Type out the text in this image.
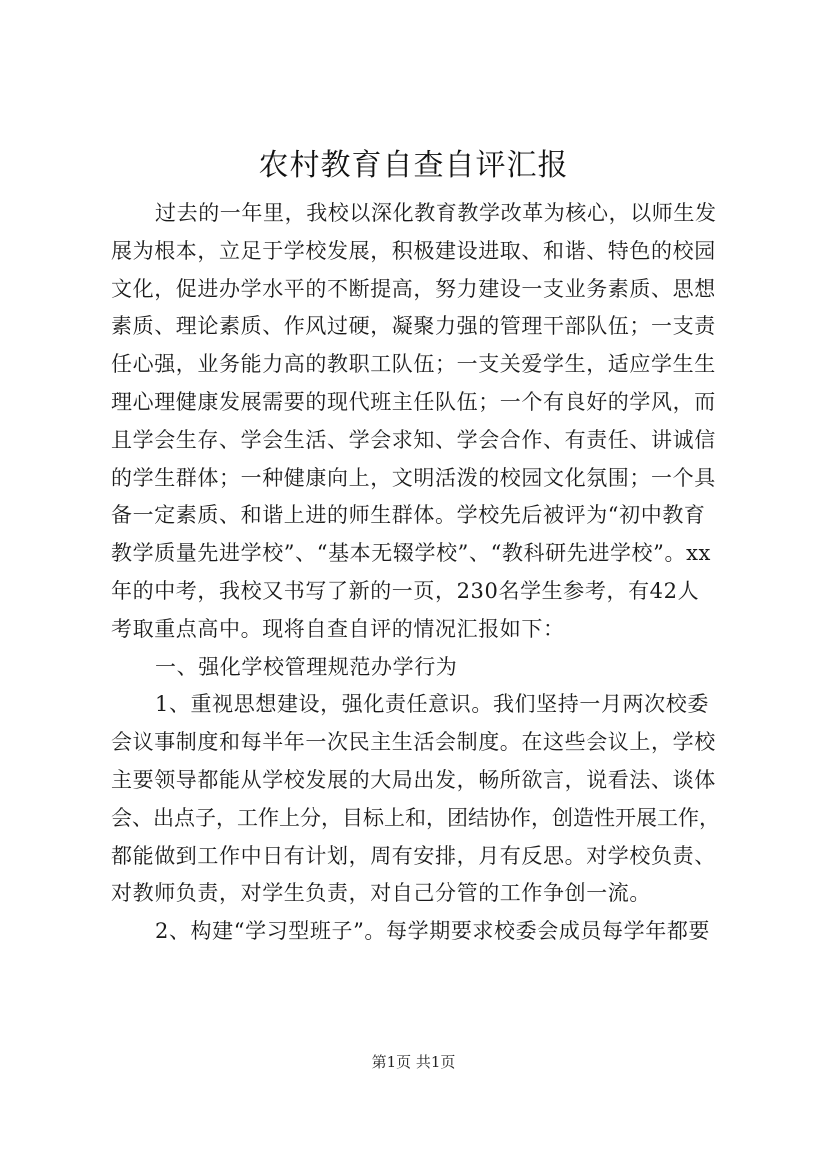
农村教育自查自评汇报
过去的一年里，我校以深化教育教学改革为核心，以师生发
展为根本，立足于学校发展，积极建设进取、和谐、特色的校园
文化，促进办学水平的不断提高，努力建设一支业务素质、思想
素质、理论素质、作风过硬，凝聚力强的管理干部队伍；一支责
任心强，业务能力高的教职工队伍；一支关爱学生，适应学生生
理心理健康发展需要的现代班主任队伍；一个有良好的学风，而
且学会生存、学会生活、学会求知、学会合作、有责任、讲诚信
的学生群体；一种健康向上，文明活泼的校园文化氛围；一个具
备一定素质、和谐上进的师生群体。学校先后被评为“初中教育
教学质量先进学校”、“基本无辍学校”、“教科研先进学校”。xx
年的中考，我校又书写了新的一页，230名学生参考，有42人
考取重点高中。现将自查自评的情况汇报如下：
一、强化学校管理规范办学行为
1、重视思想建设，强化责任意识。我们坚持一月两次校委
会议事制度和每半年一次民主生活会制度。在这些会议上，学校
主要领导都能从学校发展的大局出发，畅所欲言，说看法、谈体
会、出点子，工作上分，目标上和，团结协作，创造性开展工作，
都能做到工作中日有计划，周有安排，月有反思。对学校负责、
对教师负责，对学生负责，对自己分管的工作争创一流。
2、构建“学习型班子”。每学期要求校委会成员每学年都要
第1页 共1页
